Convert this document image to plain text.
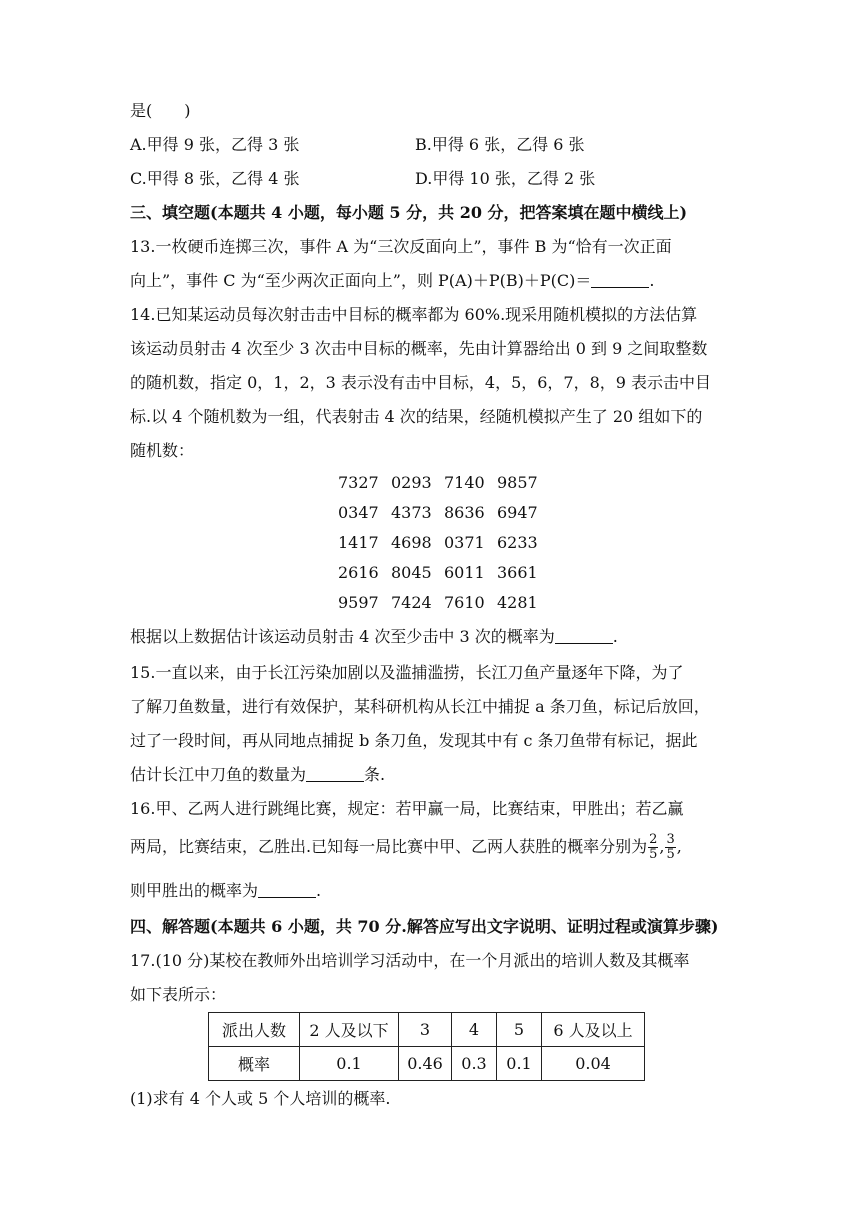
是(　　)
A.甲得 9 张，乙得 3 张	B.甲得 6 张，乙得 6 张
C.甲得 8 张，乙得 4 张	D.甲得 10 张，乙得 2 张
三、填空题(本题共 4 小题，每小题 5 分，共 20 分，把答案填在题中横线上)
13.一枚硬币连掷三次，事件 A 为“三次反面向上”，事件 B 为“恰有一次正面
向上”，事件 C 为“至少两次正面向上”，则 P(A)＋P(B)＋P(C)＝	.
14.已知某运动员每次射击击中目标的概率都为 60%.现采用随机模拟的方法估算
该运动员射击 4 次至少 3 次击中目标的概率，先由计算器给出 0 到 9 之间取整数
的随机数，指定 0，1，2，3 表示没有击中目标，4，5，6，7，8，9 表示击中目
标.以 4 个随机数为一组，代表射击 4 次的结果，经随机模拟产生了 20 组如下的
随机数：
7327 0293 7140 9857
0347 4373 8636 6947
1417 4698 0371 6233
2616 8045 6011 3661
9597 7424 7610 4281
根据以上数据估计该运动员射击 4 次至少击中 3 次的概率为	.
15.一直以来，由于长江污染加剧以及滥捕滥捞，长江刀鱼产量逐年下降，为了
了解刀鱼数量，进行有效保护，某科研机构从长江中捕捉 a 条刀鱼，标记后放回，
过了一段时间，再从同地点捕捉 b 条刀鱼，发现其中有 c 条刀鱼带有标记，据此
估计长江中刀鱼的数量为	条.
16.甲、乙两人进行跳绳比赛，规定：若甲赢一局，比赛结束，甲胜出；若乙赢
两局，比赛结束，乙胜出.已知每一局比赛中甲、乙两人获胜的概率分别为 $\frac{2}{5}$ , $\frac{3}{5}$ ,
则甲胜出的概率为	.
四、解答题(本题共 6 小题，共 70 分.解答应写出文字说明、证明过程或演算步骤)
17.(10 分)某校在教师外出培训学习活动中，在一个月派出的培训人数及其概率
如下表所示：
派出人数	2 人及以下	3	4	5	6 人及以上
概率	0.1	0.46	0.3	0.1	0.04
(1)求有 4 个人或 5 个人培训的概率.
